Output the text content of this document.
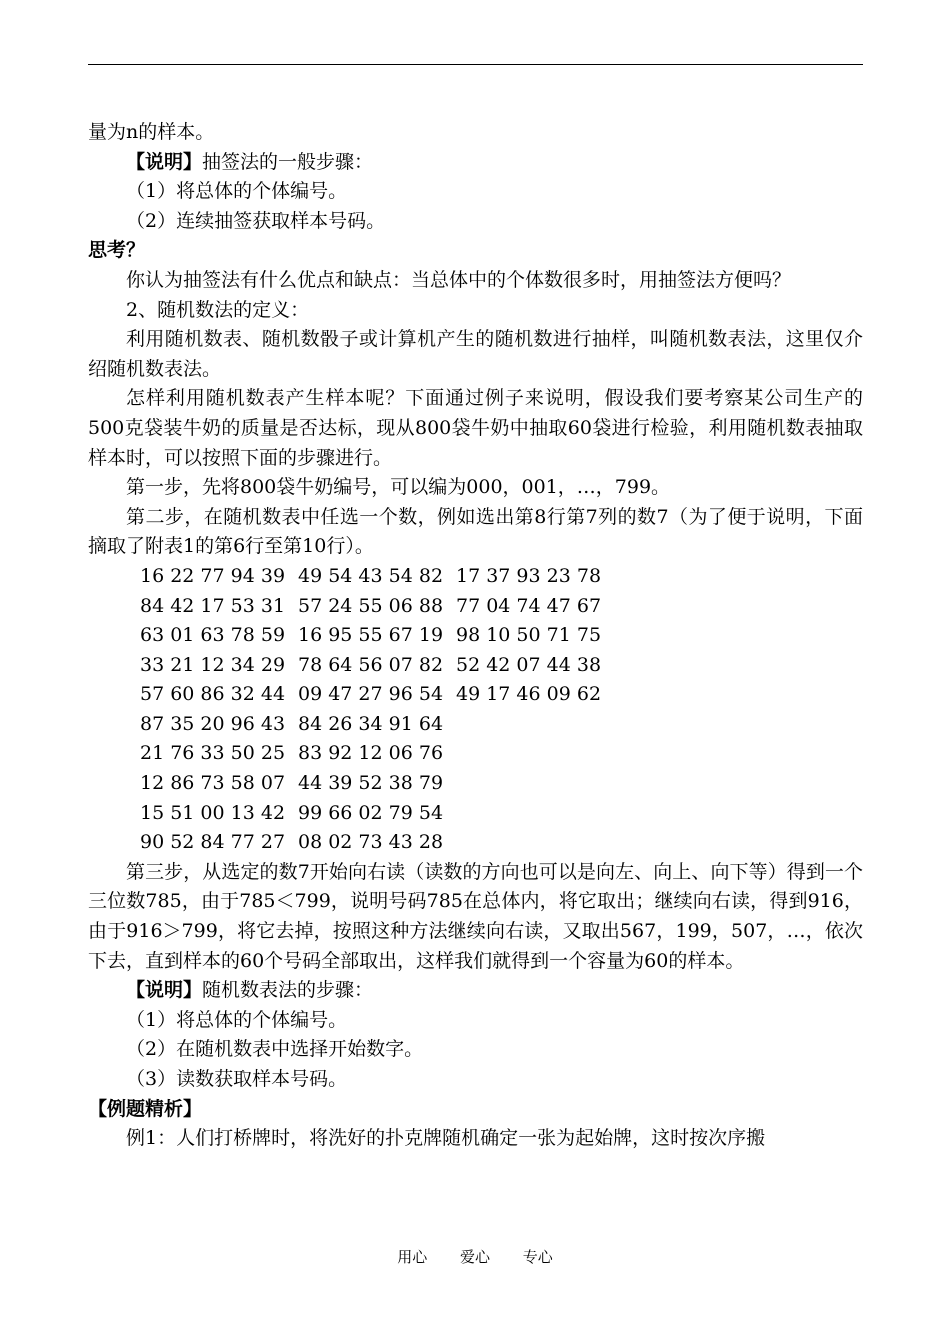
量为n的样本。

【说明】抽签法的一般步骤：

（1）将总体的个体编号。

（2）连续抽签获取样本号码。

思考？

你认为抽签法有什么优点和缺点：当总体中的个体数很多时，用抽签法方便吗？

2、随机数法的定义：

利用随机数表、随机数骰子或计算机产生的随机数进行抽样，叫随机数表法，这里仅介绍随机数表法。

怎样利用随机数表产生样本呢？下面通过例子来说明，假设我们要考察某公司生产的500克袋装牛奶的质量是否达标，现从800袋牛奶中抽取60袋进行检验，利用随机数表抽取样本时，可以按照下面的步骤进行。

第一步，先将800袋牛奶编号，可以编为000，001，…，799。

第二步，在随机数表中任选一个数，例如选出第8行第7列的数7（为了便于说明，下面摘取了附表1的第6行至第10行）。

16 22 77 94 39 49 54 43 54 82 17 37 93 23 78
84 42 17 53 31 57 24 55 06 88 77 04 74 47 67
63 01 63 78 59 16 95 55 67 19 98 10 50 71 75
33 21 12 34 29 78 64 56 07 82 52 42 07 44 38
57 60 86 32 44 09 47 27 96 54 49 17 46 09 62
87 35 20 96 43 84 26 34 91 64
21 76 33 50 25 83 92 12 06 76
12 86 73 58 07 44 39 52 38 79
15 51 00 13 42 99 66 02 79 54
90 52 84 77 27 08 02 73 43 28

第三步，从选定的数7开始向右读（读数的方向也可以是向左、向上、向下等）得到一个三位数785，由于785＜799，说明号码785在总体内，将它取出；继续向右读，得到916，由于916＞799，将它去掉，按照这种方法继续向右读，又取出567，199，507，…，依次下去，直到样本的60个号码全部取出，这样我们就得到一个容量为60的样本。

【说明】随机数表法的步骤：

（1）将总体的个体编号。

（2）在随机数表中选择开始数字。

（3）读数获取样本号码。

【例题精析】

例1：人们打桥牌时，将洗好的扑克牌随机确定一张为起始牌，这时按次序搬

用心 爱心 专心
